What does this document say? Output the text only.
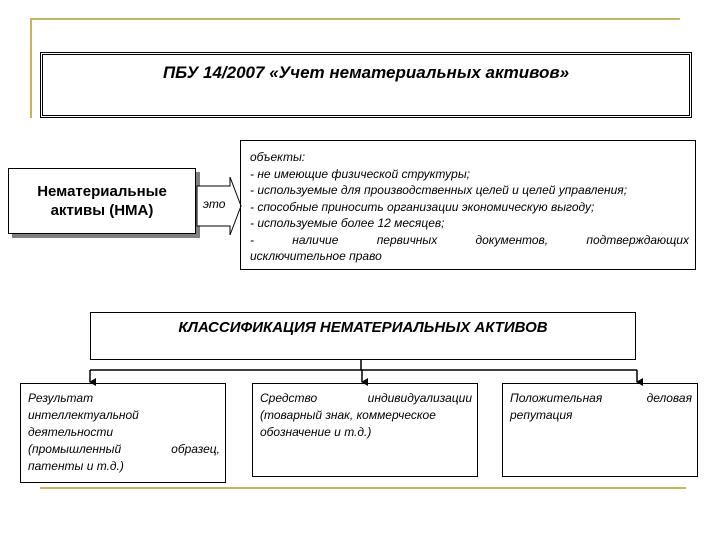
ПБУ 14/2007 «Учет нематериальных активов»
Нематериальные
активы (НМА)	это
объекты:
- не имеющие физической структуры;
- используемые для производственных целей и целей управления;
- способные приносить организации экономическую выгоду;
- используемые более 12 месяцев;
-	наличие	первичных	документов,	подтверждающих
исключительное право
КЛАССИФИКАЦИЯ НЕМАТЕРИАЛЬНЫХ АКТИВОВ
Результат
интеллектуальной
деятельности
(промышленный	образец,
патенты и т.д.)
Средство	индивидуализации
(товарный знак, коммерческое
обозначение и т.д.)
Положительная	деловая
репутация
